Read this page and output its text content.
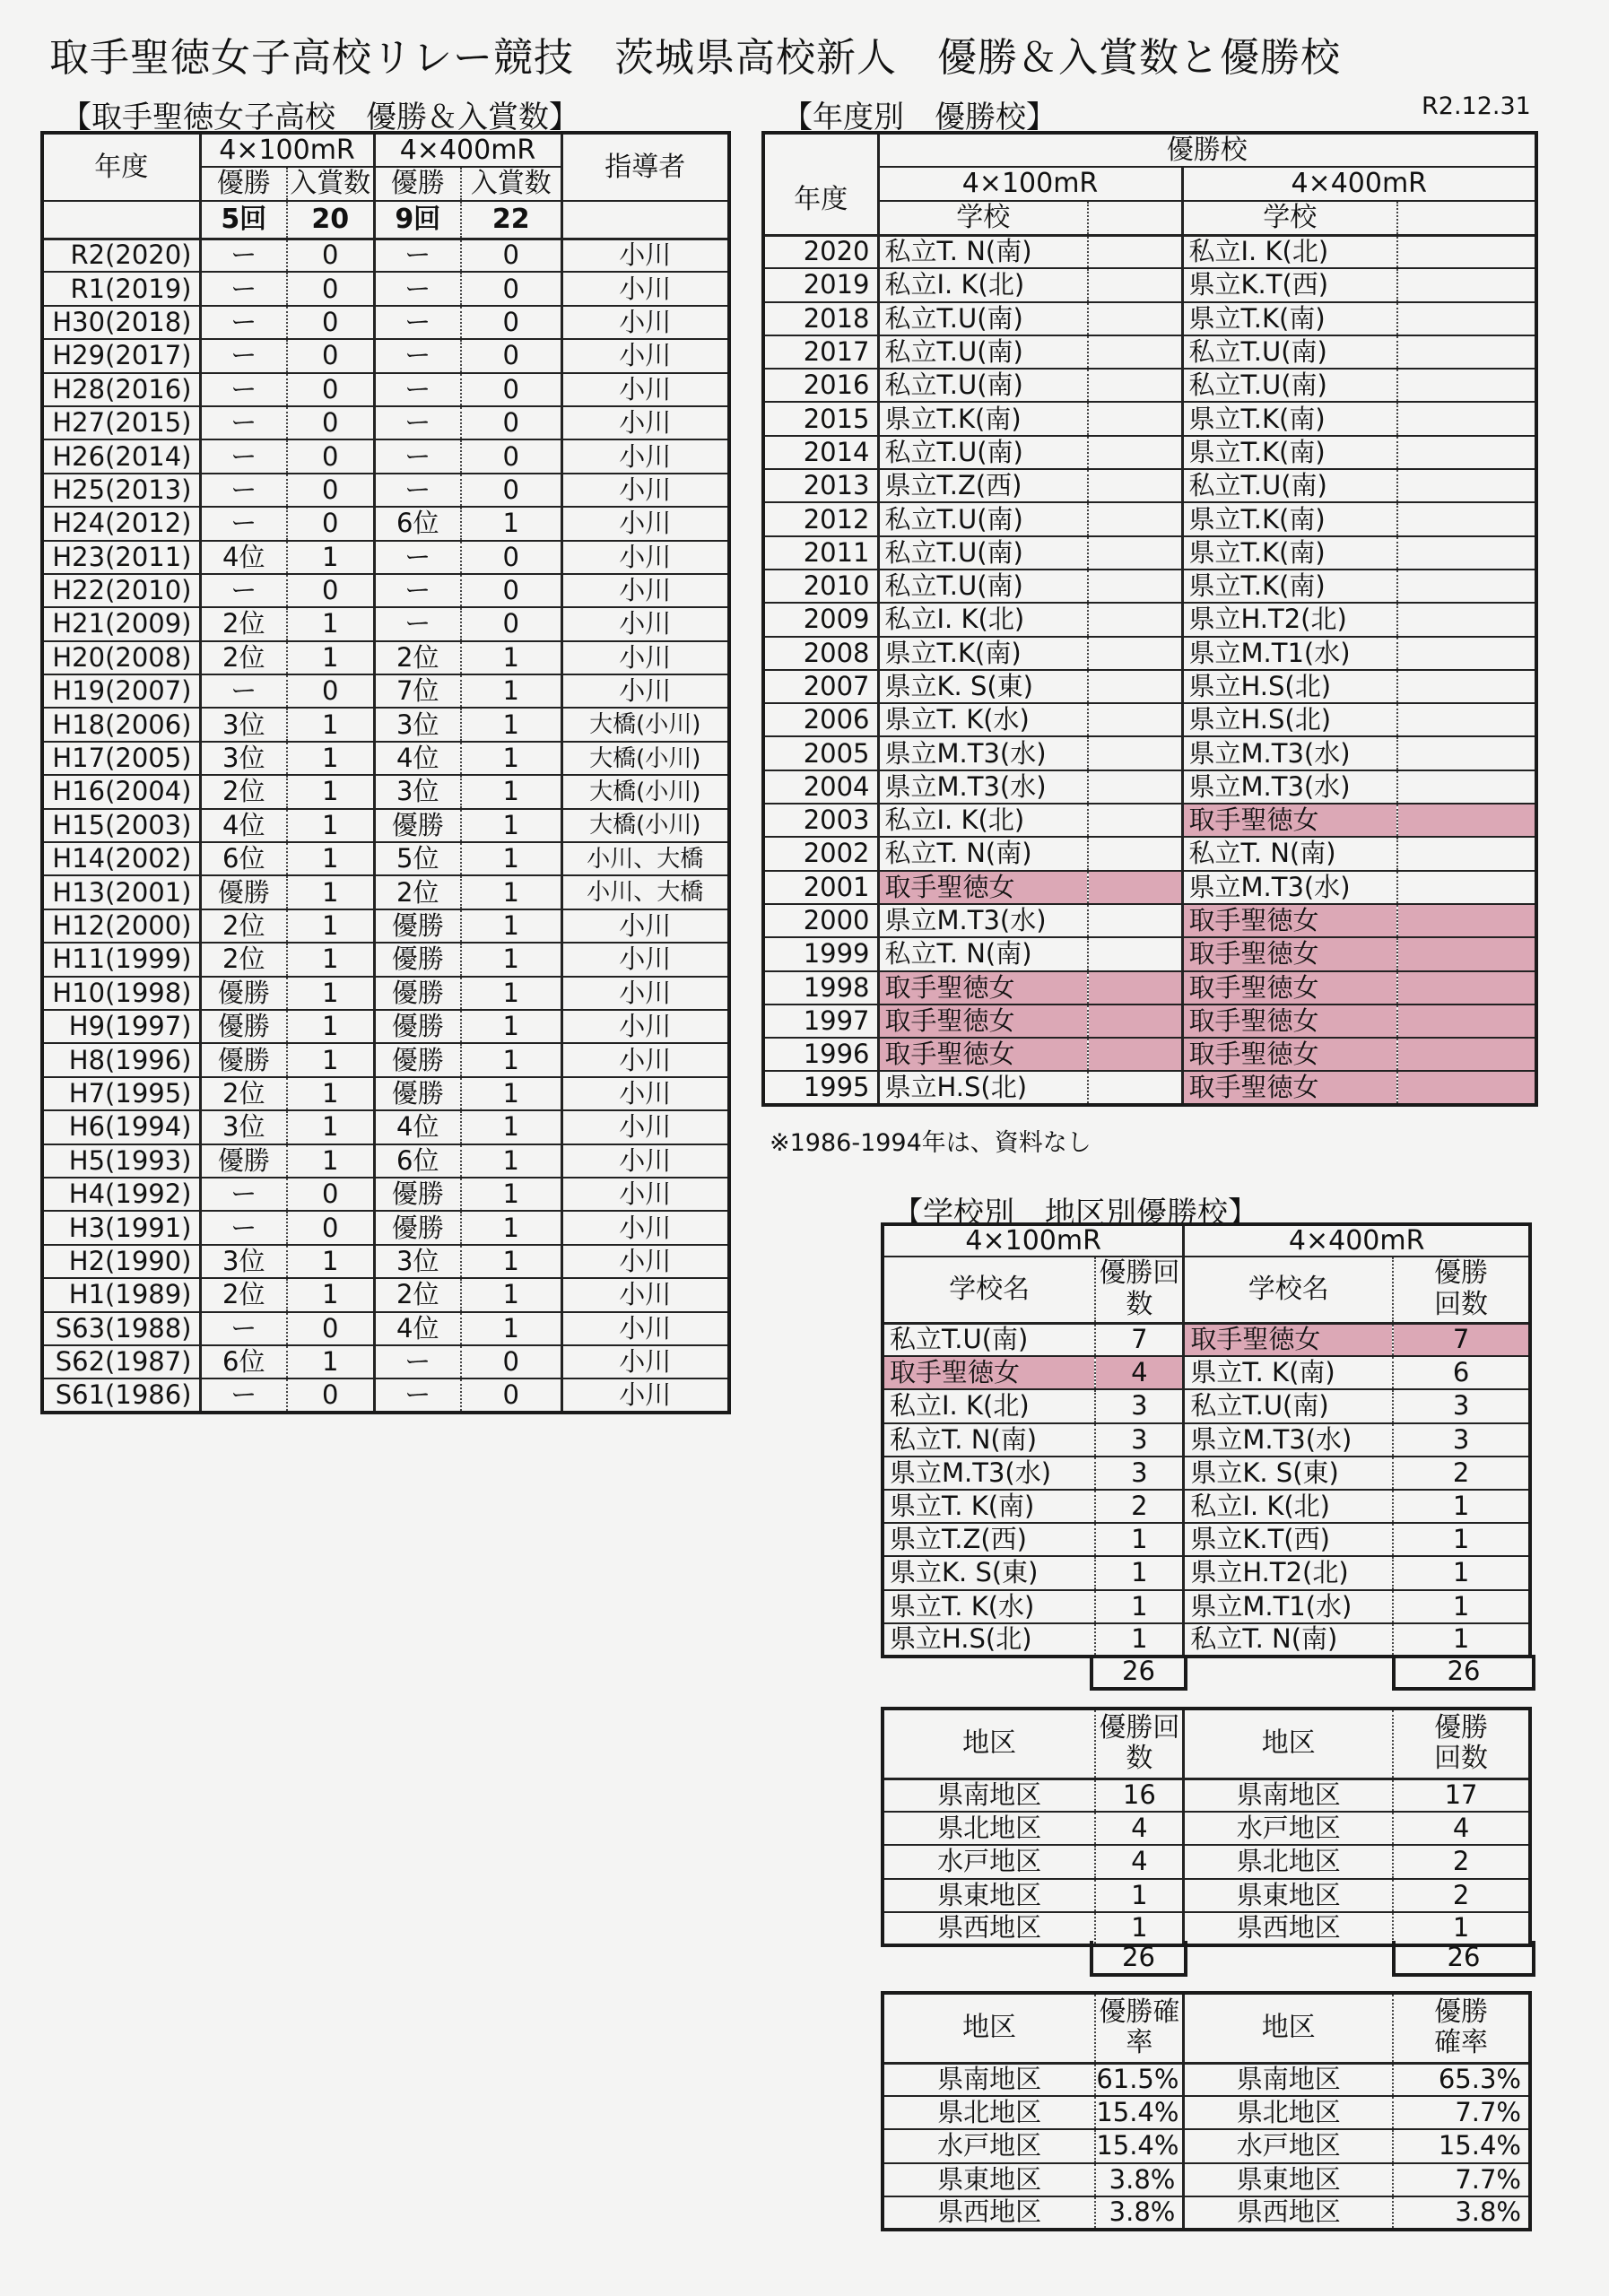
取手聖徳女子高校リレー競技　茨城県高校新人　優勝＆入賞数と優勝校
R2.12.31
【取手聖徳女子高校　優勝＆入賞数】
年度	4×100mR		4×400mR		指導者
	優勝	入賞数	優勝	入賞数	
	5回	20	9回	22	
R2(2020)	ー	0	ー	0	小川
R1(2019)	ー	0	ー	0	小川
H30(2018)	ー	0	ー	0	小川
H29(2017)	ー	0	ー	0	小川
H28(2016)	ー	0	ー	0	小川
H27(2015)	ー	0	ー	0	小川
H26(2014)	ー	0	ー	0	小川
H25(2013)	ー	0	ー	0	小川
H24(2012)	ー	0	6位	1	小川
H23(2011)	4位	1	ー	0	小川
H22(2010)	ー	0	ー	0	小川
H21(2009)	2位	1	ー	0	小川
H20(2008)	2位	1	2位	1	小川
H19(2007)	ー	0	7位	1	小川
H18(2006)	3位	1	3位	1	大橋(小川)
H17(2005)	3位	1	4位	1	大橋(小川)
H16(2004)	2位	1	3位	1	大橋(小川)
H15(2003)	4位	1	優勝	1	大橋(小川)
H14(2002)	6位	1	5位	1	小川、大橋
H13(2001)	優勝	1	2位	1	小川、大橋
H12(2000)	2位	1	優勝	1	小川
H11(1999)	2位	1	優勝	1	小川
H10(1998)	優勝	1	優勝	1	小川
H9(1997)	優勝	1	優勝	1	小川
H8(1996)	優勝	1	優勝	1	小川
H7(1995)	2位	1	優勝	1	小川
H6(1994)	3位	1	4位	1	小川
H5(1993)	優勝	1	6位	1	小川
H4(1992)	ー	0	優勝	1	小川
H3(1991)	ー	0	優勝	1	小川
H2(1990)	3位	1	3位	1	小川
H1(1989)	2位	1	2位	1	小川
S63(1988)	ー	0	4位	1	小川
S62(1987)	6位	1	ー	0	小川
S61(1986)	ー	0	ー	0	小川
【年度別　優勝校】
	優勝校			
年度	4×100mR		4×400mR	
	学校		学校	
2020	私立T. N(南)		私立I. K(北)	
2019	私立I. K(北)		県立K.T(西)	
2018	私立T.U(南)		県立T.K(南)	
2017	私立T.U(南)		私立T.U(南)	
2016	私立T.U(南)		私立T.U(南)	
2015	県立T.K(南)		県立T.K(南)	
2014	私立T.U(南)		県立T.K(南)	
2013	県立T.Z(西)		私立T.U(南)	
2012	私立T.U(南)		県立T.K(南)	
2011	私立T.U(南)		県立T.K(南)	
2010	私立T.U(南)		県立T.K(南)	
2009	私立I. K(北)		県立H.T2(北)	
2008	県立T.K(南)		県立M.T1(水)	
2007	県立K. S(東)		県立H.S(北)	
2006	県立T. K(水)		県立H.S(北)	
2005	県立M.T3(水)		県立M.T3(水)	
2004	県立M.T3(水)		県立M.T3(水)	
2003	私立I. K(北)		取手聖徳女	
2002	私立T. N(南)		私立T. N(南)	
2001	取手聖徳女		県立M.T3(水)	
2000	県立M.T3(水)		取手聖徳女	
1999	私立T. N(南)		取手聖徳女	
1998	取手聖徳女		取手聖徳女	
1997	取手聖徳女		取手聖徳女	
1996	取手聖徳女		取手聖徳女	
1995	県立H.S(北)		取手聖徳女	
※1986-1994年は、資料なし
【学校別　地区別優勝校】
4×100mR		4×400mR	
学校名	優勝回数	学校名	優勝回数
私立T.U(南)	7	取手聖徳女	7
取手聖徳女	4	県立T. K(南)	6
私立I. K(北)	3	私立T.U(南)	3
私立T. N(南)	3	県立M.T3(水)	3
県立M.T3(水)	3	県立K. S(東)	2
県立T. K(南)	2	私立I. K(北)	1
県立T.Z(西)	1	県立K.T(西)	1
県立K. S(東)	1	県立H.T2(北)	1
県立T. K(水)	1	県立M.T1(水)	1
県立H.S(北)	1	私立T. N(南)	1
26	26
地区	優勝回数	地区	優勝回数
県南地区	16	県南地区	17
県北地区	4	水戸地区	4
水戸地区	4	県北地区	2
県東地区	1	県東地区	2
県西地区	1	県西地区	1
26	26
地区	優勝確率	地区	優勝確率
県南地区	61.5%	県南地区	65.3%
県北地区	15.4%	県北地区	7.7%
水戸地区	15.4%	水戸地区	15.4%
県東地区	3.8%	県東地区	7.7%
県西地区	3.8%	県西地区	3.8%
